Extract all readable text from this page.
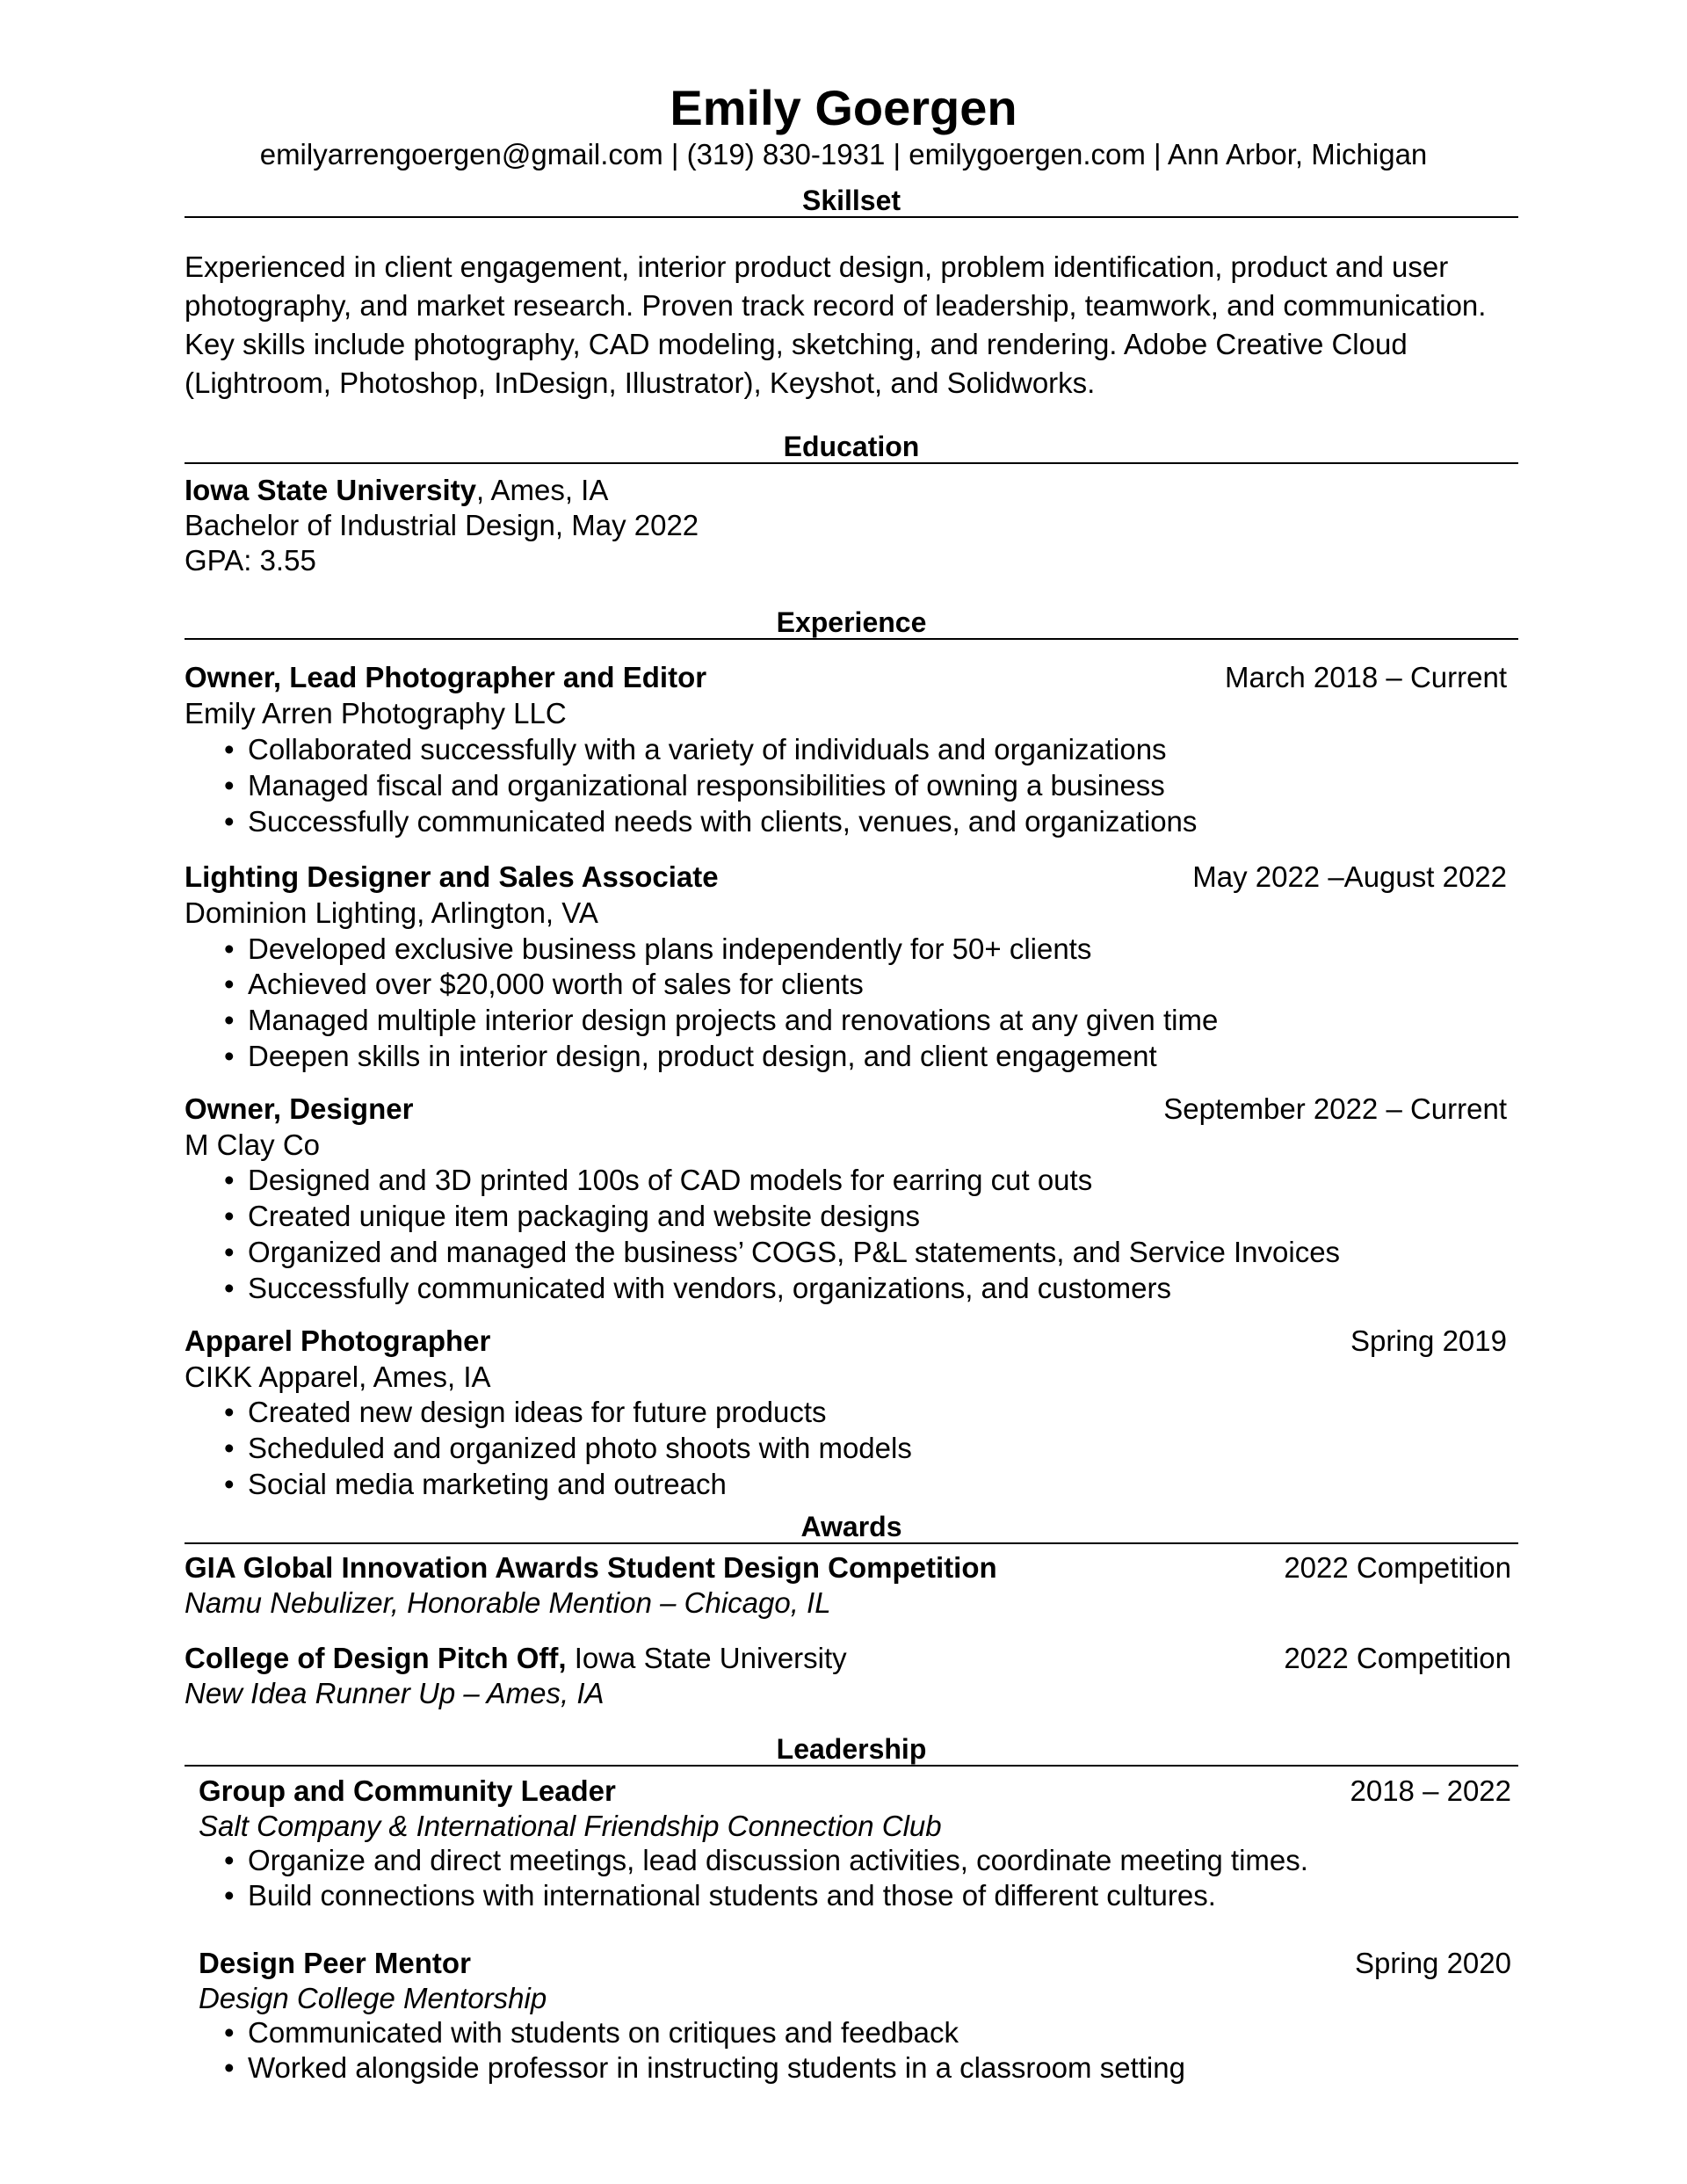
Emily Goergen
emilyarrengoergen@gmail.com | (319) 830-1931 | emilygoergen.com | Ann Arbor, Michigan
Skillset
Experienced in client engagement, interior product design, problem identification, product and user photography, and market research. Proven track record of leadership, teamwork, and communication. Key skills include photography, CAD modeling, sketching, and rendering. Adobe Creative Cloud (Lightroom, Photoshop, InDesign, Illustrator), Keyshot, and Solidworks.
Education
Iowa State University, Ames, IA
Bachelor of Industrial Design, May 2022
GPA: 3.55
Experience
Owner, Lead Photographer and Editor	March 2018 – Current
Emily Arren Photography LLC
• Collaborated successfully with a variety of individuals and organizations
• Managed fiscal and organizational responsibilities of owning a business
• Successfully communicated needs with clients, venues, and organizations
Lighting Designer and Sales Associate	May 2022 –August 2022
Dominion Lighting, Arlington, VA
• Developed exclusive business plans independently for 50+ clients
• Achieved over $20,000 worth of sales for clients
• Managed multiple interior design projects and renovations at any given time
• Deepen skills in interior design, product design, and client engagement
Owner, Designer	September 2022 – Current
M Clay Co
• Designed and 3D printed 100s of CAD models for earring cut outs
• Created unique item packaging and website designs
• Organized and managed the business’ COGS, P&L statements, and Service Invoices
• Successfully communicated with vendors, organizations, and customers
Apparel Photographer	Spring 2019
CIKK Apparel, Ames, IA
• Created new design ideas for future products
• Scheduled and organized photo shoots with models
• Social media marketing and outreach
Awards
GIA Global Innovation Awards Student Design Competition	2022 Competition
Namu Nebulizer, Honorable Mention – Chicago, IL
College of Design Pitch Off, Iowa State University	2022 Competition
New Idea Runner Up – Ames, IA
Leadership
Group and Community Leader	2018 – 2022
Salt Company & International Friendship Connection Club
• Organize and direct meetings, lead discussion activities, coordinate meeting times.
• Build connections with international students and those of different cultures.
Design Peer Mentor	Spring 2020
Design College Mentorship
• Communicated with students on critiques and feedback
• Worked alongside professor in instructing students in a classroom setting
